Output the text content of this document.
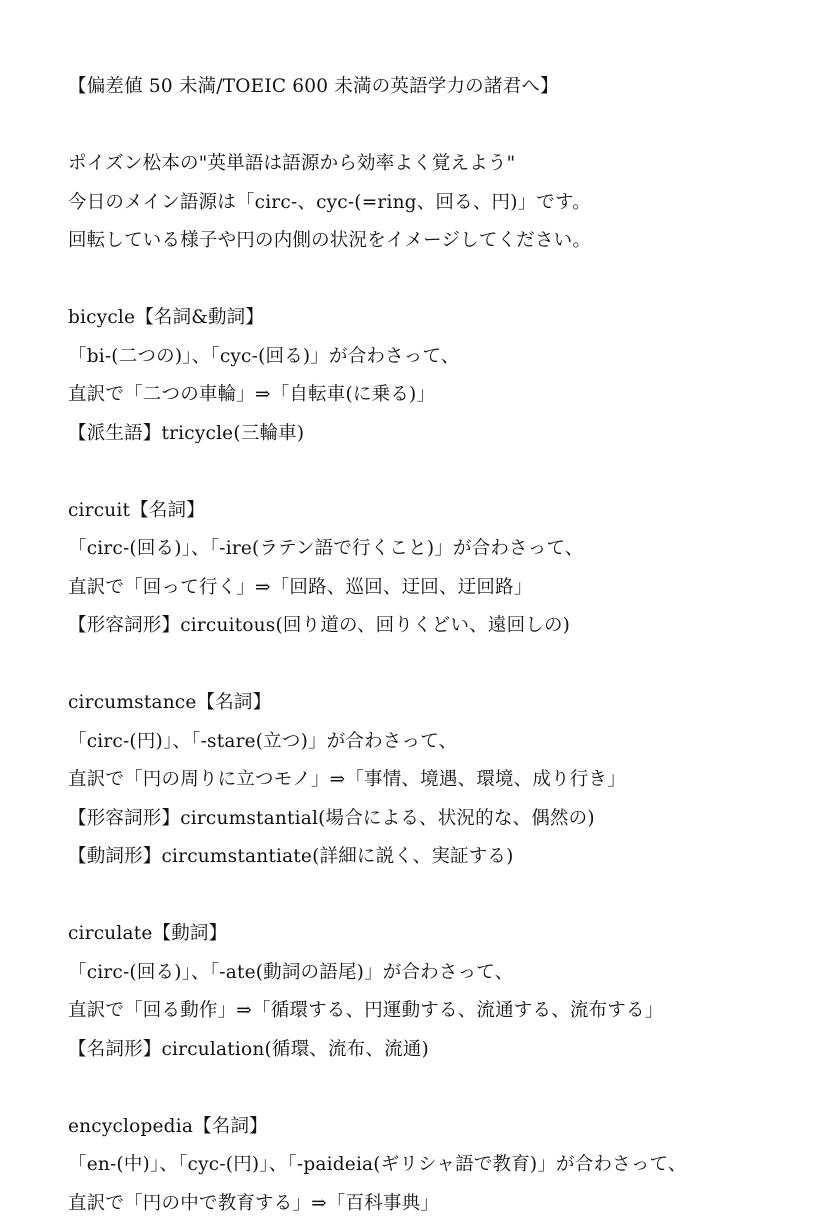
【偏差値 50 未満/TOEIC 600 未満の英語学力の諸君へ】
ポイズン松本の"英単語は語源から効率よく覚えよう"
今日のメイン語源は「circ-、cyc-(=ring、回る、円)」です。
回転している様子や円の内側の状況をイメージしてください。
bicycle【名詞&動詞】
「bi-(二つの)」、「cyc-(回る)」が合わさって、
直訳で「二つの車輪」⇒「自転車(に乗る)」
【派生語】tricycle(三輪車)
circuit【名詞】
「circ-(回る)」、「-ire(ラテン語で行くこと)」が合わさって、
直訳で「回って行く」⇒「回路、巡回、迂回、迂回路」
【形容詞形】circuitous(回り道の、回りくどい、遠回しの)
circumstance【名詞】
「circ-(円)」、「-stare(立つ)」が合わさって、
直訳で「円の周りに立つモノ」⇒「事情、境遇、環境、成り行き」
【形容詞形】circumstantial(場合による、状況的な、偶然の)
【動詞形】circumstantiate(詳細に説く、実証する)
circulate【動詞】
「circ-(回る)」、「-ate(動詞の語尾)」が合わさって、
直訳で「回る動作」⇒「循環する、円運動する、流通する、流布する」
【名詞形】circulation(循環、流布、流通)
encyclopedia【名詞】
「en-(中)」、「cyc-(円)」、「-paideia(ギリシャ語で教育)」が合わさって、
直訳で「円の中で教育する」⇒「百科事典」
